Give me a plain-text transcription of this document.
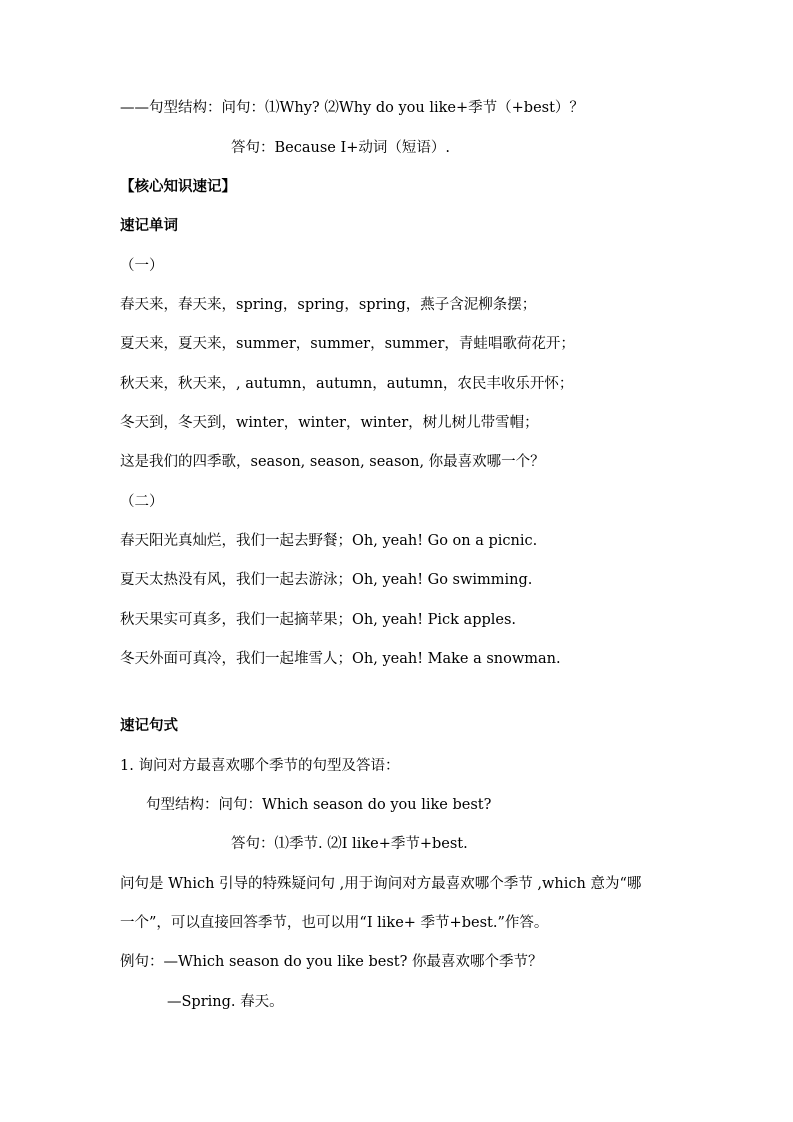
——句型结构：问句：⑴Why? ⑵Why do you like+季节（+best）？
答句：Because I+动词（短语）.
【核心知识速记】
速记单词
（一）
春天来，春天来，spring，spring，spring，燕子含泥柳条摆；
夏天来，夏天来，summer，summer，summer，青蛙唱歌荷花开；
秋天来，秋天来，, autumn，autumn，autumn，农民丰收乐开怀；
冬天到，冬天到，winter，winter，winter，树儿树儿带雪帽；
这是我们的四季歌，season, season, season, 你最喜欢哪一个？
（二）
春天阳光真灿烂，我们一起去野餐；Oh, yeah! Go on a picnic.
夏天太热没有风，我们一起去游泳；Oh, yeah! Go swimming.
秋天果实可真多，我们一起摘苹果；Oh, yeah! Pick apples.
冬天外面可真冷，我们一起堆雪人；Oh, yeah! Make a snowman.
速记句式
1. 询问对方最喜欢哪个季节的句型及答语：
句型结构：问句：Which season do you like best?
答句：⑴季节. ⑵I like+季节+best.
问句是 Which 引导的特殊疑问句 ,用于询问对方最喜欢哪个季节 ,which 意为“哪
一个”，可以直接回答季节，也可以用“I like+ 季节+best.”作答。
例句：—Which season do you like best? 你最喜欢哪个季节？
—Spring. 春天。
